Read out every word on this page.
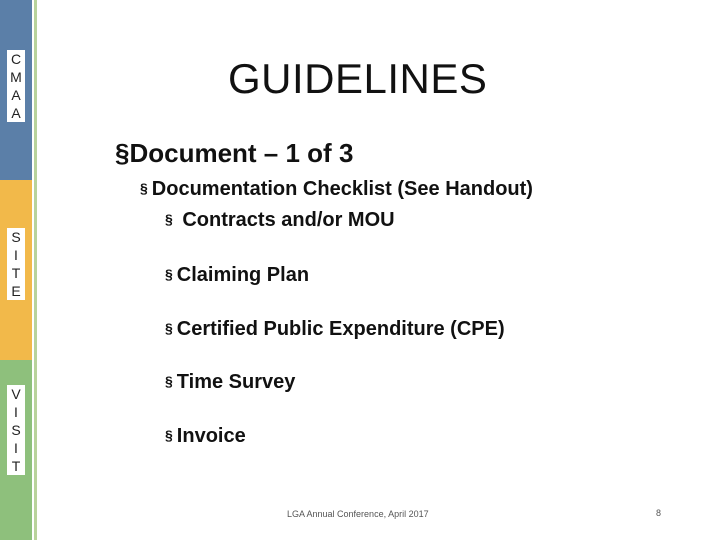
C
M
A
A
S
I
T
E
V
I
S
I
T
GUIDELINES
§Document – 1 of 3
§ Documentation Checklist (See Handout)
§ Contracts and/or MOU
§ Claiming Plan
§ Certified Public Expenditure (CPE)
§ Time Survey
§ Invoice
LGA Annual Conference, April 2017	8
